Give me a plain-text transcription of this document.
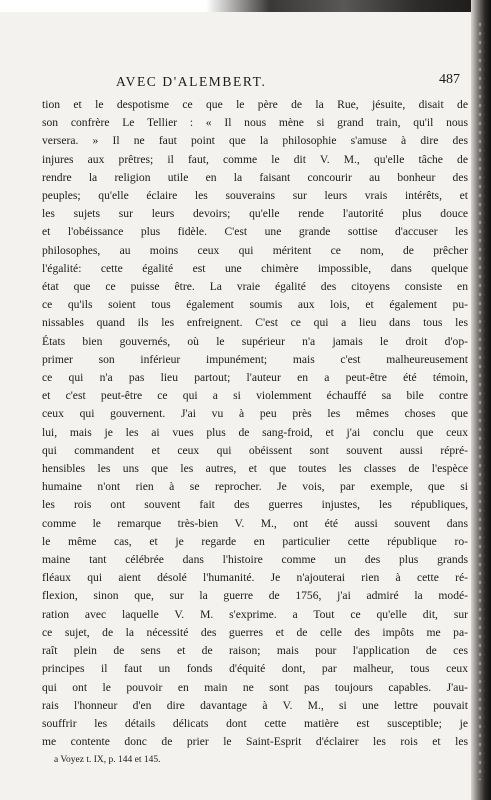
AVEC D'ALEMBERT.	487
tion et le despotisme ce que le père de la Rue, jésuite, disait de
son confrère Le Tellier : « Il nous mène si grand train, qu'il nous
versera. » Il ne faut point que la philosophie s'amuse à dire des
injures aux prêtres; il faut, comme le dit V. M., qu'elle tâche de
rendre la religion utile en la faisant concourir au bonheur des
peuples; qu'elle éclaire les souverains sur leurs vrais intérêts, et
les sujets sur leurs devoirs; qu'elle rende l'autorité plus douce
et l'obéissance plus fidèle. C'est une grande sottise d'accuser les
philosophes, au moins ceux qui méritent ce nom, de prêcher
l'égalité: cette égalité est une chimère impossible, dans quelque
état que ce puisse être. La vraie égalité des citoyens consiste en
ce qu'ils soient tous également soumis aux lois, et également pu-
nissables quand ils les enfreignent. C'est ce qui a lieu dans tous les
États bien gouvernés, où le supérieur n'a jamais le droit d'op-
primer son inférieur impunément; mais c'est malheureusement
ce qui n'a pas lieu partout; l'auteur en a peut-être été témoin,
et c'est peut-être ce qui a si violemment échauffé sa bile contre
ceux qui gouvernent. J'ai vu à peu près les mêmes choses que
lui, mais je les ai vues plus de sang-froid, et j'ai conclu que ceux
qui commandent et ceux qui obéissent sont souvent aussi répré-
hensibles les uns que les autres, et que toutes les classes de l'espèce
humaine n'ont rien à se reprocher. Je vois, par exemple, que si
les rois ont souvent fait des guerres injustes, les républiques,
comme le remarque très-bien V. M., ont été aussi souvent dans
le même cas, et je regarde en particulier cette république ro-
maine tant célébrée dans l'histoire comme un des plus grands
fléaux qui aient désolé l'humanité. Je n'ajouterai rien à cette ré-
flexion, sinon que, sur la guerre de 1756, j'ai admiré la modé-
ration avec laquelle V. M. s'exprime. a Tout ce qu'elle dit, sur
ce sujet, de la nécessité des guerres et de celle des impôts me pa-
raît plein de sens et de raison; mais pour l'application de ces
principes il faut un fonds d'équité dont, par malheur, tous ceux
qui ont le pouvoir en main ne sont pas toujours capables. J'au-
rais l'honneur d'en dire davantage à V. M., si une lettre pouvait
souffrir les détails délicats dont cette matière est susceptible; je
me contente donc de prier le Saint-Esprit d'éclairer les rois et les
a Voyez t. IX, p. 144 et 145.
